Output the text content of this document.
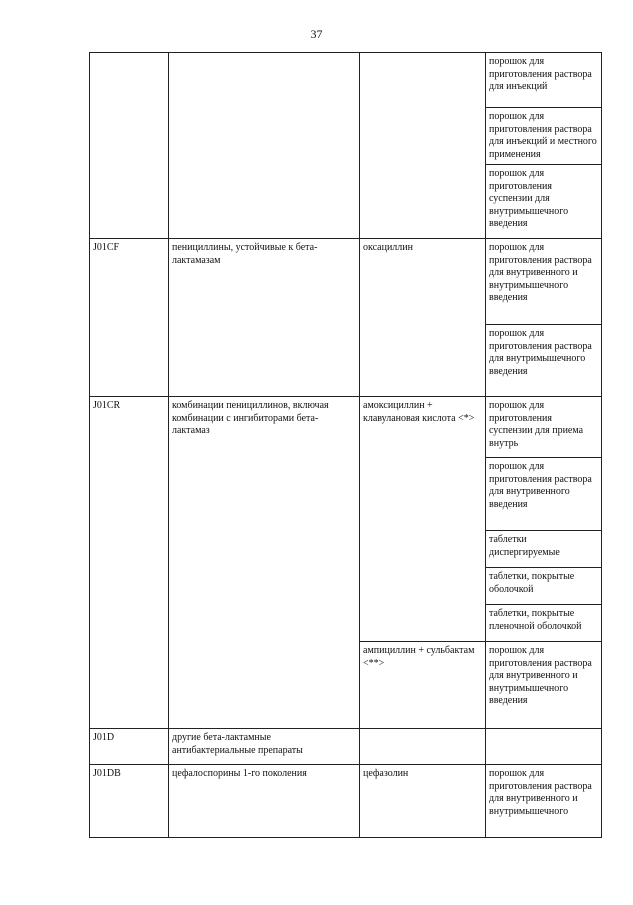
37
			порошок для приготовления раствора для инъекций
			порошок для приготовления раствора для инъекций и местного применения
			порошок для приготовления суспензии для внутримышечного введения
J01CF	пенициллины, устойчивые к бета-лактамазам	оксациллин	порошок для приготовления раствора для внутривенного и внутримышечного введения
			порошок для приготовления раствора для внутримышечного введения
J01CR	комбинации пенициллинов, включая комбинации с ингибиторами бета-лактамаз	амоксициллин + клавулановая кислота <*>	порошок для приготовления суспензии для приема внутрь
			порошок для приготовления раствора для внутривенного введения
			таблетки диспергируемые
			таблетки, покрытые оболочкой
			таблетки, покрытые пленочной оболочкой
		ампициллин + сульбактам <**>	порошок для приготовления раствора для внутривенного и внутримышечного введения
J01D	другие бета-лактамные антибактериальные препараты		
J01DB	цефалоспорины 1-го поколения	цефазолин	порошок для приготовления раствора для внутривенного и внутримышечного
